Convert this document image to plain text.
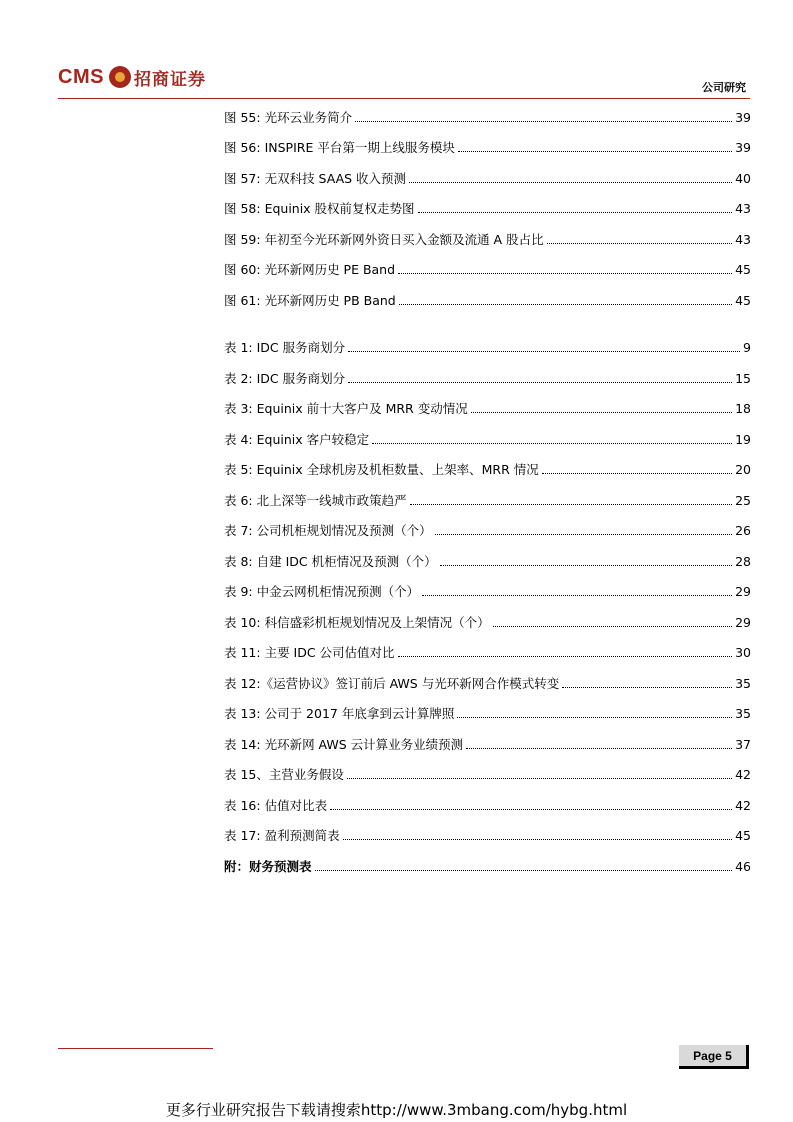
CMS 招商证券	公司研究
图 55: 光环云业务简介	39
图 56: INSPIRE 平台第一期上线服务模块	39
图 57: 无双科技 SAAS 收入预测	40
图 58: Equinix 股权前复权走势图	43
图 59: 年初至今光环新网外资日买入金额及流通 A 股占比	43
图 60: 光环新网历史 PE Band	45
图 61: 光环新网历史 PB Band	45
表 1: IDC 服务商划分	9
表 2: IDC 服务商划分	15
表 3: Equinix 前十大客户及 MRR 变动情况	18
表 4: Equinix 客户较稳定	19
表 5: Equinix 全球机房及机柜数量、上架率、MRR 情况	20
表 6: 北上深等一线城市政策趋严	25
表 7: 公司机柜规划情况及预测（个）	26
表 8: 自建 IDC 机柜情况及预测（个）	28
表 9: 中金云网机柜情况预测（个）	29
表 10: 科信盛彩机柜规划情况及上架情况（个）	29
表 11: 主要 IDC 公司估值对比	30
表 12:《运营协议》签订前后 AWS 与光环新网合作模式转变	35
表 13: 公司于 2017 年底拿到云计算牌照	35
表 14: 光环新网 AWS 云计算业务业绩预测	37
表 15、主营业务假设	42
表 16: 估值对比表	42
表 17: 盈利预测简表	45
附：财务预测表	46
Page 5
更多行业研究报告下载请搜索http://www.3mbang.com/hybg.html
